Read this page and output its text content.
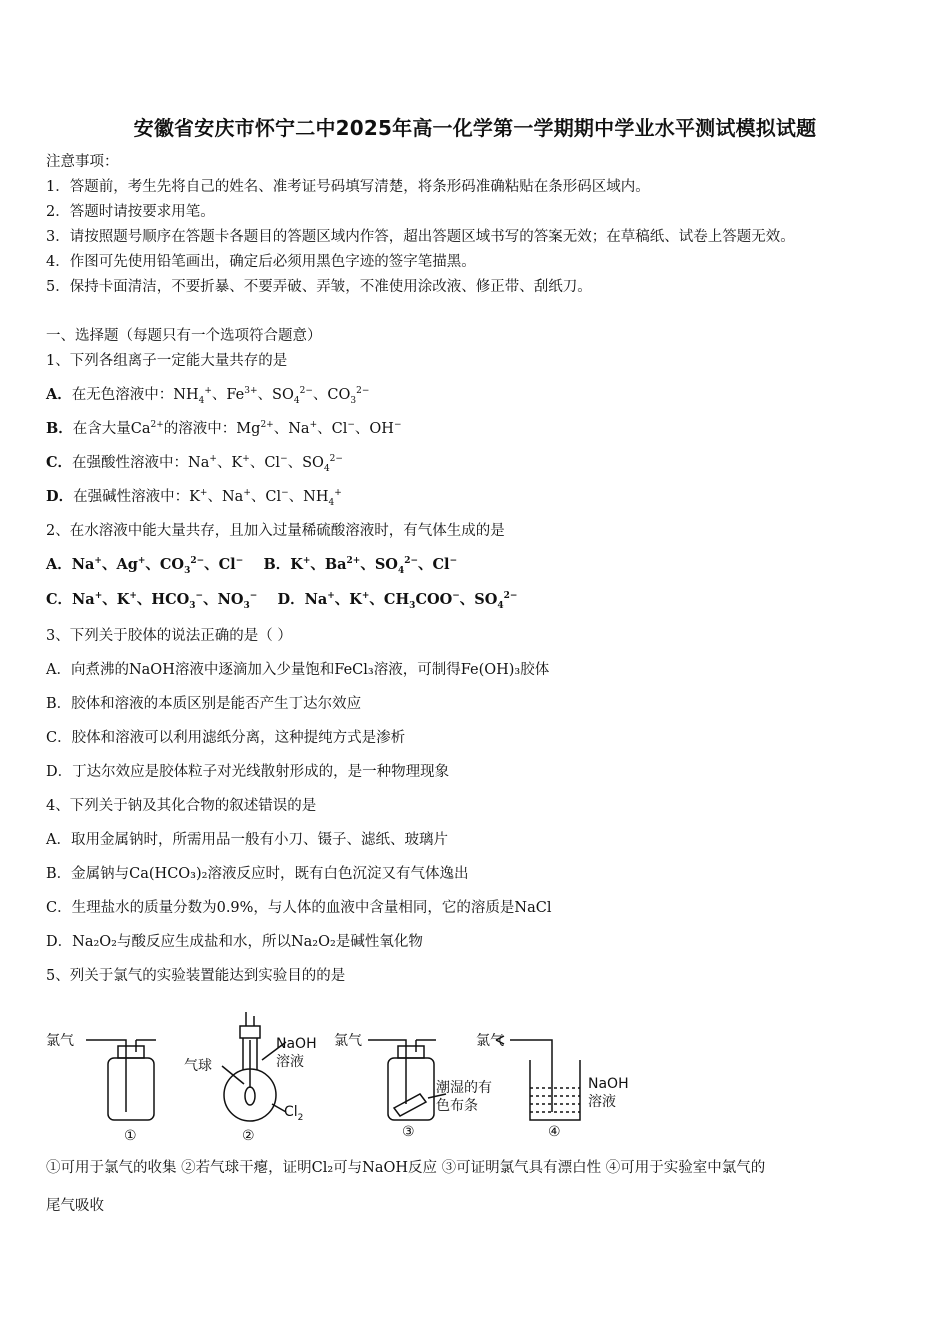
安徽省安庆市怀宁二中2025年高一化学第一学期期中学业水平测试模拟试题
注意事项：
1．答题前，考生先将自己的姓名、准考证号码填写清楚，将条形码准确粘贴在条形码区域内。
2．答题时请按要求用笔。
3．请按照题号顺序在答题卡各题目的答题区域内作答，超出答题区域书写的答案无效；在草稿纸、试卷上答题无效。
4．作图可先使用铅笔画出，确定后必须用黑色字迹的签字笔描黑。
5．保持卡面清洁，不要折暴、不要弄破、弄皱，不准使用涂改液、修正带、刮纸刀。
一、选择题（每题只有一个选项符合题意）
1、下列各组离子一定能大量共存的是
A．在无色溶液中：$NH_4^+$、$Fe^{3+}$、$SO_4^{2-}$、$CO_3^{2-}$
B．在含大量$Ca^{2+}$的溶液中：$Mg^{2+}$、Na+、Cl−、OH−
C．在强酸性溶液中：Na+、K+、Cl−、$SO_4^{2-}$
D．在强碱性溶液中：K+、Na+、Cl−、$NH_4^+$
2、在水溶液中能大量共存，且加入过量稀硫酸溶液时，有气体生成的是
A．Na+、Ag+、$CO_3^{2-}$、Cl−    B．K+、$Ba^{2+}$、$SO_4^{2-}$、Cl−
C．Na+、K+、$HCO_3^-$、$NO_3^-$    D．Na+、K+、$CH_3COO^-$、$SO_4^{2-}$
3、下列关于胶体的说法正确的是（ ）
A．向煮沸的NaOH溶液中逐滴加入少量饱和FeCl₃溶液，可制得Fe(OH)₃胶体
B．胶体和溶液的本质区别是能否产生丁达尔效应
C．胶体和溶液可以利用滤纸分离，这种提纯方式是渗析
D．丁达尔效应是胶体粒子对光线散射形成的，是一种物理现象
4、下列关于钠及其化合物的叙述错误的是
A．取用金属钠时，所需用品一般有小刀、镊子、滤纸、玻璃片
B．金属钠与Ca(HCO₃)₂溶液反应时，既有白色沉淀又有气体逸出
C．生理盐水的质量分数为0.9%，与人体的血液中含量相同，它的溶质是NaCl
D．Na₂O₂与酸反应生成盐和水，所以Na₂O₂是碱性氧化物
5、列关于氯气的实验装置能达到实验目的的是
氯气
气球
NaOH
溶液
$Cl_2$
氯气
潮湿的有
色布条
氯气
NaOH
溶液
①	②	③	④
①可用于氯气的收集 ②若气球干瘪，证明Cl₂可与NaOH反应 ③可证明氯气具有漂白性 ④可用于实验室中氯气的
尾气吸收
